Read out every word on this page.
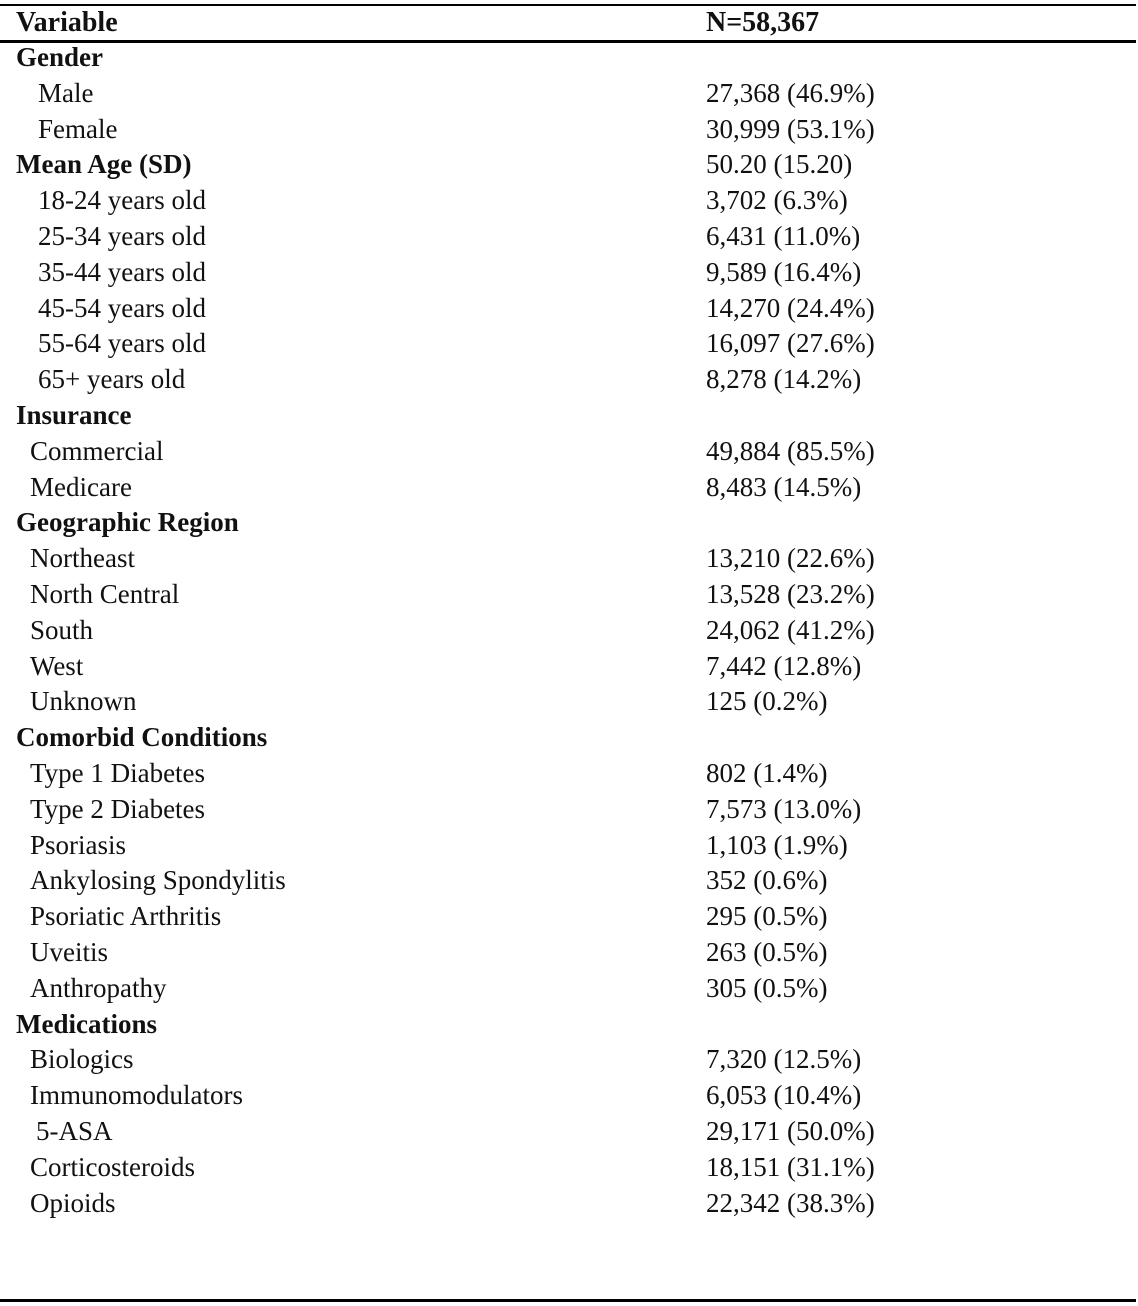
Variable	N=58,367
Gender
Male	27,368 (46.9%)
Female	30,999 (53.1%)
Mean Age (SD)	50.20 (15.20)
18-24 years old	3,702 (6.3%)
25-34 years old	6,431 (11.0%)
35-44 years old	9,589 (16.4%)
45-54 years old	14,270 (24.4%)
55-64 years old	16,097 (27.6%)
65+ years old	8,278 (14.2%)
Insurance
Commercial	49,884 (85.5%)
Medicare	8,483 (14.5%)
Geographic Region
Northeast	13,210 (22.6%)
North Central	13,528 (23.2%)
South	24,062 (41.2%)
West	7,442 (12.8%)
Unknown	125 (0.2%)
Comorbid Conditions
Type 1 Diabetes	802 (1.4%)
Type 2 Diabetes	7,573 (13.0%)
Psoriasis	1,103 (1.9%)
Ankylosing Spondylitis	352 (0.6%)
Psoriatic Arthritis	295 (0.5%)
Uveitis	263 (0.5%)
Anthropathy	305 (0.5%)
Medications
Biologics	7,320 (12.5%)
Immunomodulators	6,053 (10.4%)
5-ASA	29,171 (50.0%)
Corticosteroids	18,151 (31.1%)
Opioids	22,342 (38.3%)
